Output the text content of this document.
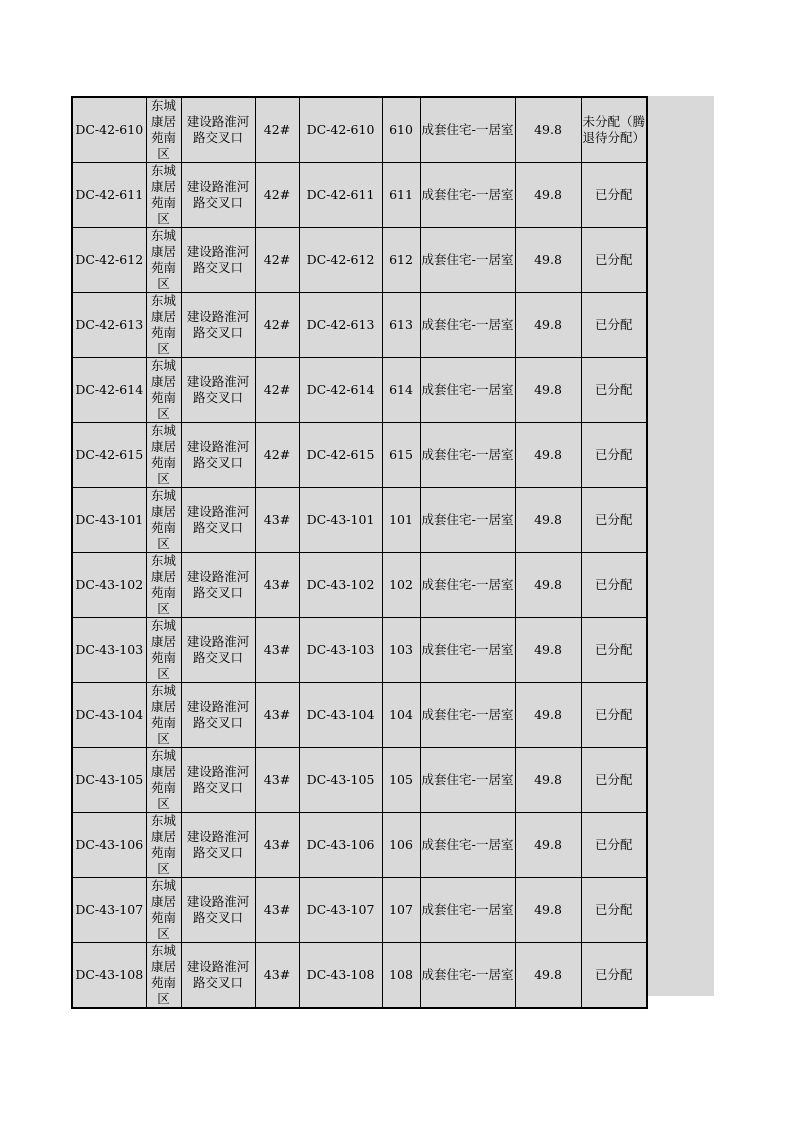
DC-42-610	东城康居苑南区	建设路淮河路交叉口	42#	DC-42-610	610	成套住宅-一居室	49.8	未分配（腾退待分配）
DC-42-611	东城康居苑南区	建设路淮河路交叉口	42#	DC-42-611	611	成套住宅-一居室	49.8	已分配
DC-42-612	东城康居苑南区	建设路淮河路交叉口	42#	DC-42-612	612	成套住宅-一居室	49.8	已分配
DC-42-613	东城康居苑南区	建设路淮河路交叉口	42#	DC-42-613	613	成套住宅-一居室	49.8	已分配
DC-42-614	东城康居苑南区	建设路淮河路交叉口	42#	DC-42-614	614	成套住宅-一居室	49.8	已分配
DC-42-615	东城康居苑南区	建设路淮河路交叉口	42#	DC-42-615	615	成套住宅-一居室	49.8	已分配
DC-43-101	东城康居苑南区	建设路淮河路交叉口	43#	DC-43-101	101	成套住宅-一居室	49.8	已分配
DC-43-102	东城康居苑南区	建设路淮河路交叉口	43#	DC-43-102	102	成套住宅-一居室	49.8	已分配
DC-43-103	东城康居苑南区	建设路淮河路交叉口	43#	DC-43-103	103	成套住宅-一居室	49.8	已分配
DC-43-104	东城康居苑南区	建设路淮河路交叉口	43#	DC-43-104	104	成套住宅-一居室	49.8	已分配
DC-43-105	东城康居苑南区	建设路淮河路交叉口	43#	DC-43-105	105	成套住宅-一居室	49.8	已分配
DC-43-106	东城康居苑南区	建设路淮河路交叉口	43#	DC-43-106	106	成套住宅-一居室	49.8	已分配
DC-43-107	东城康居苑南区	建设路淮河路交叉口	43#	DC-43-107	107	成套住宅-一居室	49.8	已分配
DC-43-108	东城康居苑南区	建设路淮河路交叉口	43#	DC-43-108	108	成套住宅-一居室	49.8	已分配
